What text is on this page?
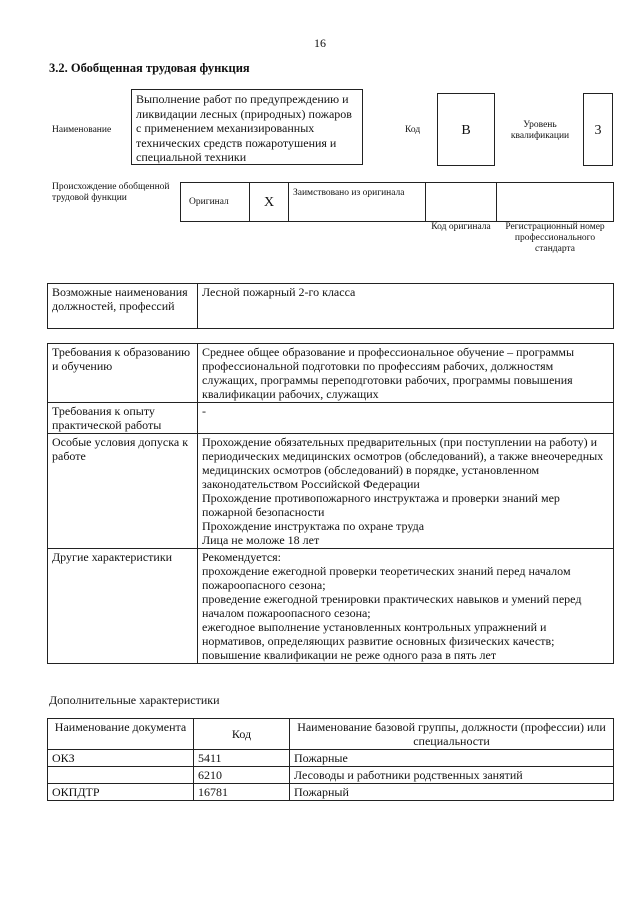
16
3.2. Обобщенная трудовая функция
Наименование
Выполнение работ по предупреждению и ликвидации лесных (природных) пожаров с применением механизированных технических средств пожаротушения и специальной техники
Код	В	Уровень квалификации	3
Происхождение обобщенной трудовой функции	Оригинал	Х
Заимствовано из оригинала
Код оригинала	Регистрационный номер профессионального стандарта
Возможные наименования должностей, профессий	Лесной пожарный 2-го класса
Требования к образованию и обучению	Среднее общее образование и профессиональное обучение – программы профессиональной подготовки по профессиям рабочих, должностям служащих, программы переподготовки рабочих, программы повышения квалификации рабочих, служащих

Требования к опыту практической работы	-

Особые условия допуска к работе	Прохождение обязательных предварительных (при поступлении на работу) и периодических медицинских осмотров (обследований), а также внеочередных медицинских осмотров (обследований) в порядке, установленном законодательством Российской Федерации
Прохождение противопожарного инструктажа и проверки знаний мер пожарной безопасности
Прохождение инструктажа по охране труда
Лица не моложе 18 лет

Другие характеристики	Рекомендуется:
прохождение ежегодной проверки теоретических знаний перед началом пожароопасного сезона;
проведение ежегодной тренировки практических навыков и умений перед началом пожароопасного сезона;
ежегодное выполнение установленных контрольных упражнений и нормативов, определяющих развитие основных физических качеств;
повышение квалификации не реже одного раза в пять лет
Дополнительные характеристики
Наименование документа	Код	Наименование базовой группы, должности (профессии) или специальности
ОКЗ	5411	Пожарные
	6210	Лесоводы и работники родственных занятий
ОКПДТР	16781	Пожарный
